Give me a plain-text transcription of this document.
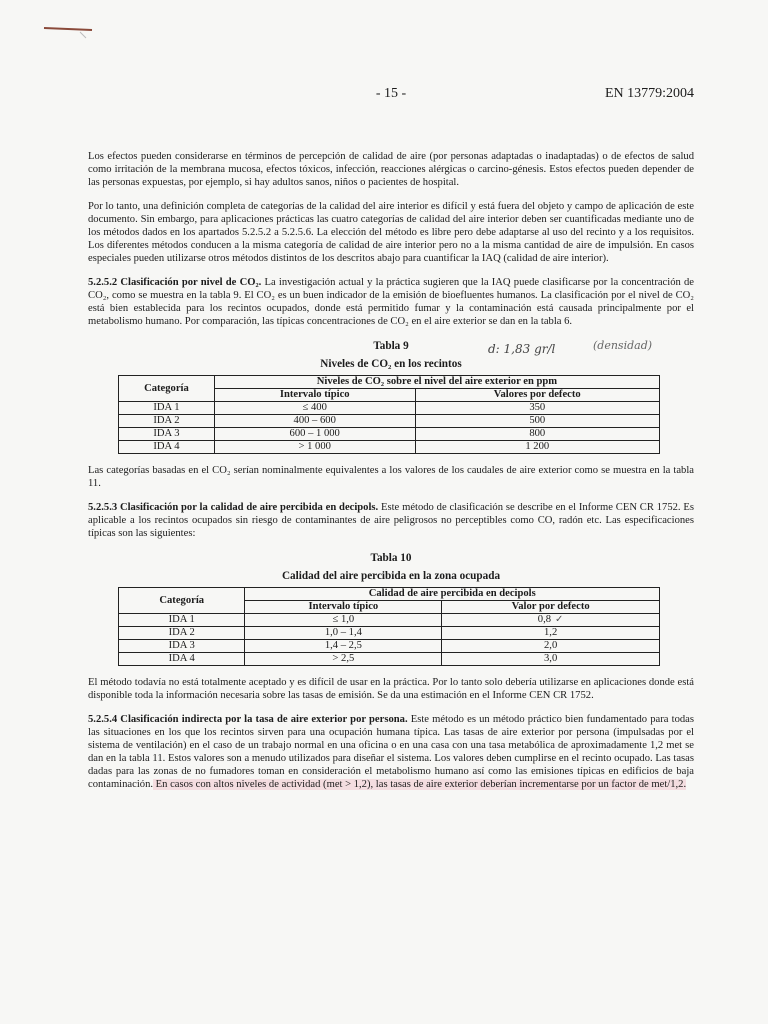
- 15 -	EN 13779:2004

Los efectos pueden considerarse en términos de percepción de calidad de aire (por personas adaptadas o inadaptadas) o de efectos de salud como irritación de la membrana mucosa, efectos tóxicos, infección, reacciones alérgicas o carcino-génesis. Estos efectos pueden depender de las personas expuestas, por ejemplo, si hay adultos sanos, niños o pacientes de hospital.

Por lo tanto, una definición completa de categorías de la calidad del aire interior es difícil y está fuera del objeto y campo de aplicación de este documento. Sin embargo, para aplicaciones prácticas las cuatro categorías de calidad del aire interior deben ser cuantificadas mediante uno de los métodos dados en los apartados 5.2.5.2 a 5.2.5.6. La elección del método es libre pero debe adaptarse al uso del recinto y a los requisitos. Los diferentes métodos conducen a la misma categoría de calidad de aire interior pero no a la misma cantidad de aire de impulsión. En casos especiales pueden utilizarse otros métodos distintos de los descritos abajo para cuantificar la IAQ (calidad de aire interior).

5.2.5.2 Clasificación por nivel de CO₂. La investigación actual y la práctica sugieren que la IAQ puede clasificarse por la concentración de CO₂, como se muestra en la tabla 9. El CO₂ es un buen indicador de la emisión de bioefluentes humanos. La clasificación por el nivel de CO₂ está bien establecida para los recintos ocupados, donde está permitido fumar y la contaminación está causada principalmente por el metabolismo humano. Por comparación, las típicas concentraciones de CO₂ en el aire exterior se dan en la tabla 6.

Tabla 9
Niveles de CO₂ en los recintos
d: 1,83 gr/l	(densidad)
Categoría	Niveles de CO₂ sobre el nivel del aire exterior en ppm	
	Intervalo típico	Valores por defecto
IDA 1	≤ 400	350
IDA 2	400 – 600	500
IDA 3	600 – 1 000	800
IDA 4	> 1 000	1 200

Las categorías basadas en el CO₂ serían nominalmente equivalentes a los valores de los caudales de aire exterior como se muestra en la tabla 11.

5.2.5.3 Clasificación por la calidad de aire percibida en decipols. Este método de clasificación se describe en el Informe CEN CR 1752. Es aplicable a los recintos ocupados sin riesgo de contaminantes de aire peligrosos no perceptibles como CO, radón etc. Las especificaciones típicas son las siguientes:

Tabla 10
Calidad del aire percibida en la zona ocupada
Categoría	Calidad de aire percibida en decipols	
	Intervalo típico	Valor por defecto
IDA 1	≤ 1,0	0,8 ✓
IDA 2	1,0 – 1,4	1,2
IDA 3	1,4 – 2,5	2,0
IDA 4	> 2,5	3,0

El método todavía no está totalmente aceptado y es difícil de usar en la práctica. Por lo tanto solo debería utilizarse en aplicaciones donde está disponible toda la información necesaria sobre las tasas de emisión. Se da una estimación en el Informe CEN CR 1752.

5.2.5.4 Clasificación indirecta por la tasa de aire exterior por persona. Este método es un método práctico bien fundamentado para todas las situaciones en los que los recintos sirven para una ocupación humana típica. Las tasas de aire exterior por persona (impulsadas por el sistema de ventilación) en el caso de un trabajo normal en una oficina o en una casa con una tasa metabólica de aproximadamente 1,2 met se dan en la tabla 11. Estos valores son a menudo utilizados para diseñar el sistema. Los valores deben cumplirse en el recinto ocupado. Las tasas dadas para las zonas de no fumadores toman en consideración el metabolismo humano así como las emisiones típicas en edificios de baja contaminación. En casos con altos niveles de actividad (met > 1,2), las tasas de aire exterior deberían incrementarse por un factor de met/1,2.
